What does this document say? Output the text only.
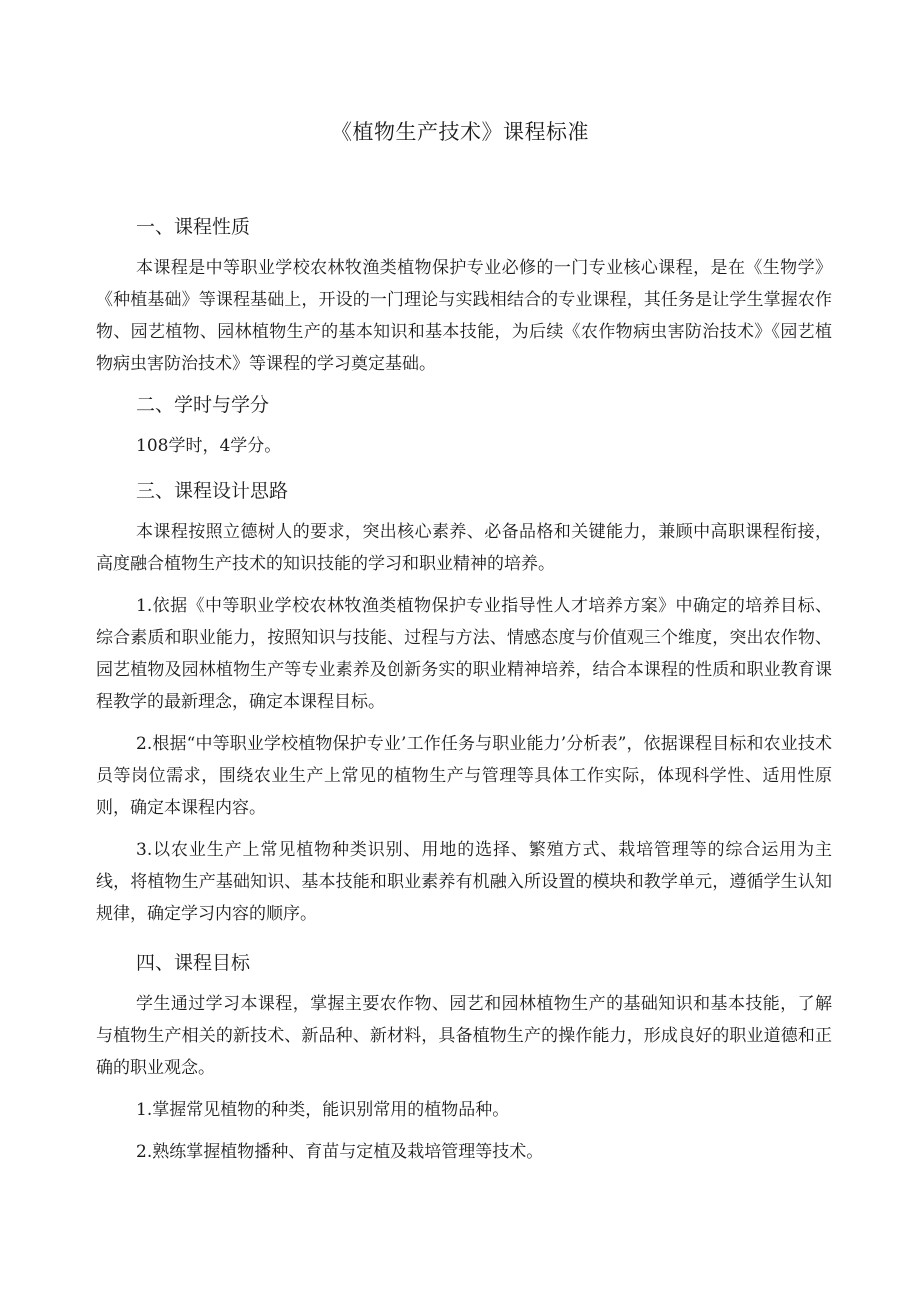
《植物生产技术》课程标准
一、课程性质

本课程是中等职业学校农林牧渔类植物保护专业必修的一门专业核心课程，是在《生物学》《种植基础》等课程基础上，开设的一门理论与实践相结合的专业课程，其任务是让学生掌握农作物、园艺植物、园林植物生产的基本知识和基本技能，为后续《农作物病虫害防治技术》《园艺植物病虫害防治技术》等课程的学习奠定基础。

二、学时与学分

108学时，4学分。

三、课程设计思路

本课程按照立德树人的要求，突出核心素养、必备品格和关键能力，兼顾中高职课程衔接，高度融合植物生产技术的知识技能的学习和职业精神的培养。

1.依据《中等职业学校农林牧渔类植物保护专业指导性人才培养方案》中确定的培养目标、综合素质和职业能力，按照知识与技能、过程与方法、情感态度与价值观三个维度，突出农作物、园艺植物及园林植物生产等专业素养及创新务实的职业精神培养，结合本课程的性质和职业教育课程教学的最新理念，确定本课程目标。

2.根据“中等职业学校植物保护专业’工作任务与职业能力’分析表”，依据课程目标和农业技术员等岗位需求，围绕农业生产上常见的植物生产与管理等具体工作实际，体现科学性、适用性原则，确定本课程内容。

3.以农业生产上常见植物种类识别、用地的选择、繁殖方式、栽培管理等的综合运用为主线，将植物生产基础知识、基本技能和职业素养有机融入所设置的模块和教学单元，遵循学生认知规律，确定学习内容的顺序。

四、课程目标

学生通过学习本课程，掌握主要农作物、园艺和园林植物生产的基础知识和基本技能，了解与植物生产相关的新技术、新品种、新材料，具备植物生产的操作能力，形成良好的职业道德和正确的职业观念。

1.掌握常见植物的种类，能识别常用的植物品种。

2.熟练掌握植物播种、育苗与定植及栽培管理等技术。
